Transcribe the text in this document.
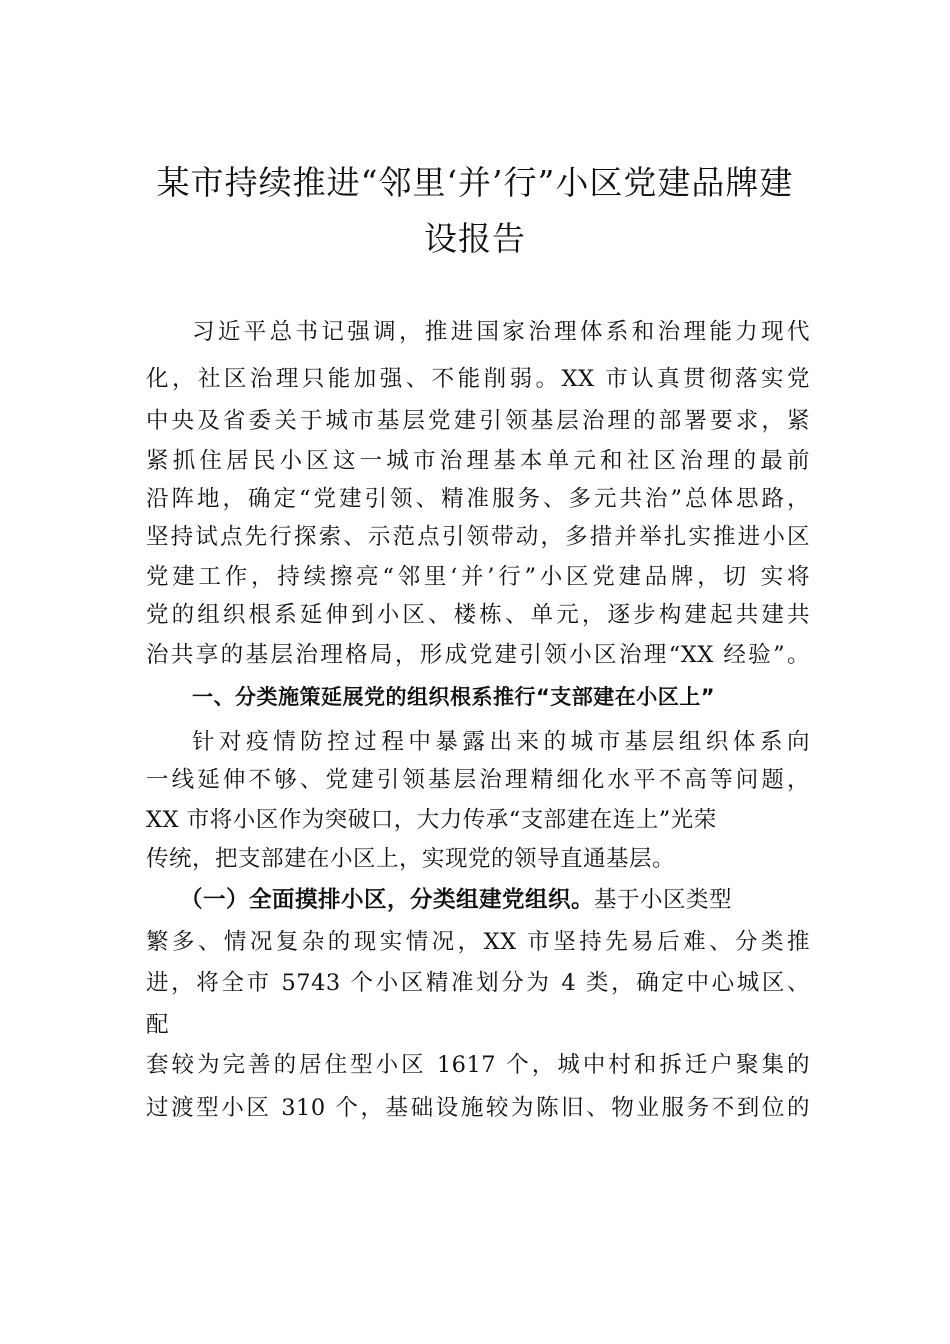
某市持续推进“邻里‘并’行”小区党建品牌建
设报告
习近平总书记强调，推进国家治理体系和治理能力现代
化，社区治理只能加强、不能削弱。XX 市认真贯彻落实党
中央及省委关于城市基层党建引领基层治理的部署要求，紧
紧抓住居民小区这一城市治理基本单元和社区治理的最前
沿阵地，确定“党建引领、精准服务、多元共治”总体思路，
坚持试点先行探索、示范点引领带动，多措并举扎实推进小区
党建工作，持续擦亮“邻里‘并’行”小区党建品牌，切 实将
党的组织根系延伸到小区、楼栋、单元，逐步构建起共建共
治共享的基层治理格局，形成党建引领小区治理“XX 经验”。
一、分类施策延展党的组织根系推行“支部建在小区上”
针对疫情防控过程中暴露出来的城市基层组织体系向
一线延伸不够、党建引领基层治理精细化水平不高等问题，
XX 市将小区作为突破口，大力传承“支部建在连上”光荣
传统，把支部建在小区上，实现党的领导直通基层。
（一）全面摸排小区，分类组建党组织。基于小区类型
繁多、情况复杂的现实情况，XX 市坚持先易后难、分类推
进，将全市 5743 个小区精准划分为 4 类，确定中心城区、
配
套较为完善的居住型小区 1617 个，城中村和拆迁户聚集的
过渡型小区 310 个，基础设施较为陈旧、物业服务不到位的
